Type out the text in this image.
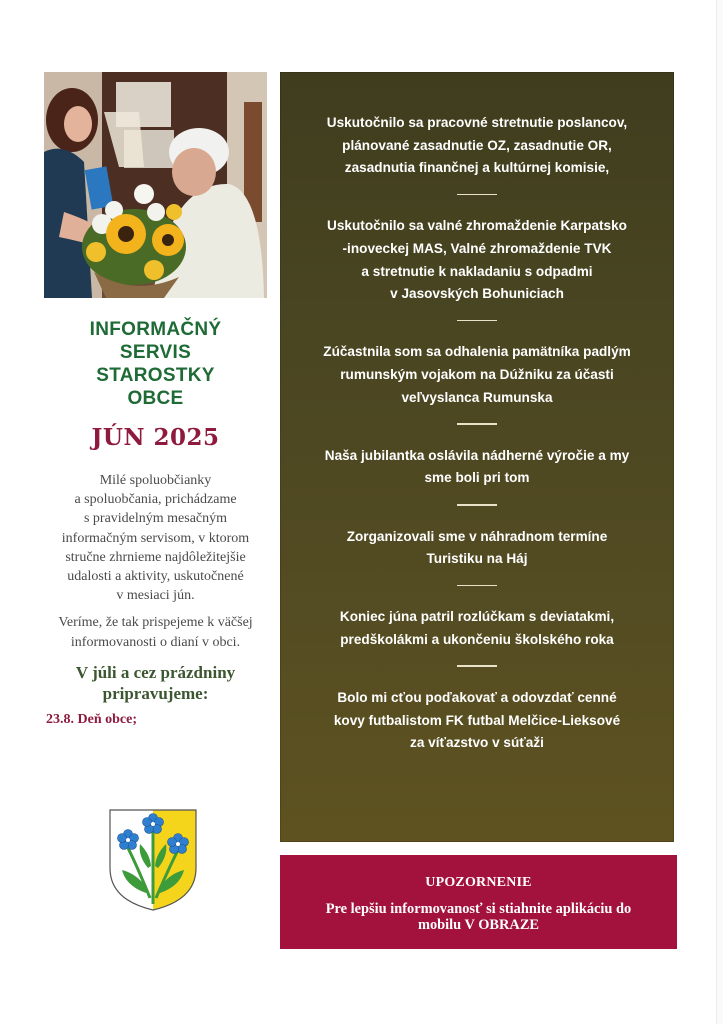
INFORMAČNÝ
SERVIS
STAROSTKY
OBCE
JÚN 2025

Milé spoluobčianky
a spoluobčania, prichádzame
s pravidelným mesačným
informačným servisom, v ktorom
stručne zhrnieme najdôležitejšie
udalosti a aktivity, uskutočnené
v mesiaci jún.

Veríme, že tak prispejeme k väčšej
informovanosti o dianí v obci.

V júli a cez prázdniny
pripravujeme:
23.8. Deň obce;
Uskutočnilo sa pracovné stretnutie poslancov,
plánované zasadnutie OZ, zasadnutie OR,
zasadnutia finančnej a kultúrnej komisie,
Uskutočnilo sa valné zhromaždenie Karpatsko
-inoveckej MAS, Valné zhromaždenie TVK
a stretnutie k nakladaniu s odpadmi
v Jasovských Bohuniciach
Zúčastnila som sa odhalenia pamätníka padlým
rumunským vojakom na Dúžniku za účasti
veľvyslanca Rumunska
Naša jubilantka oslávila nádherné výročie a my
sme boli pri tom
Zorganizovali sme v náhradnom termíne
Turistiku na Háj
Koniec júna patril rozlúčkam s deviatakmi,
predškolákmi a ukončeniu školského roka
Bolo mi cťou poďakovať a odovzdať cenné
kovy futbalistom FK futbal Melčice-Lieksové
za víťazstvo v súťaži
UPOZORNENIE
Pre lepšiu informovanosť si stiahnite aplikáciu do
mobilu V OBRAZE
